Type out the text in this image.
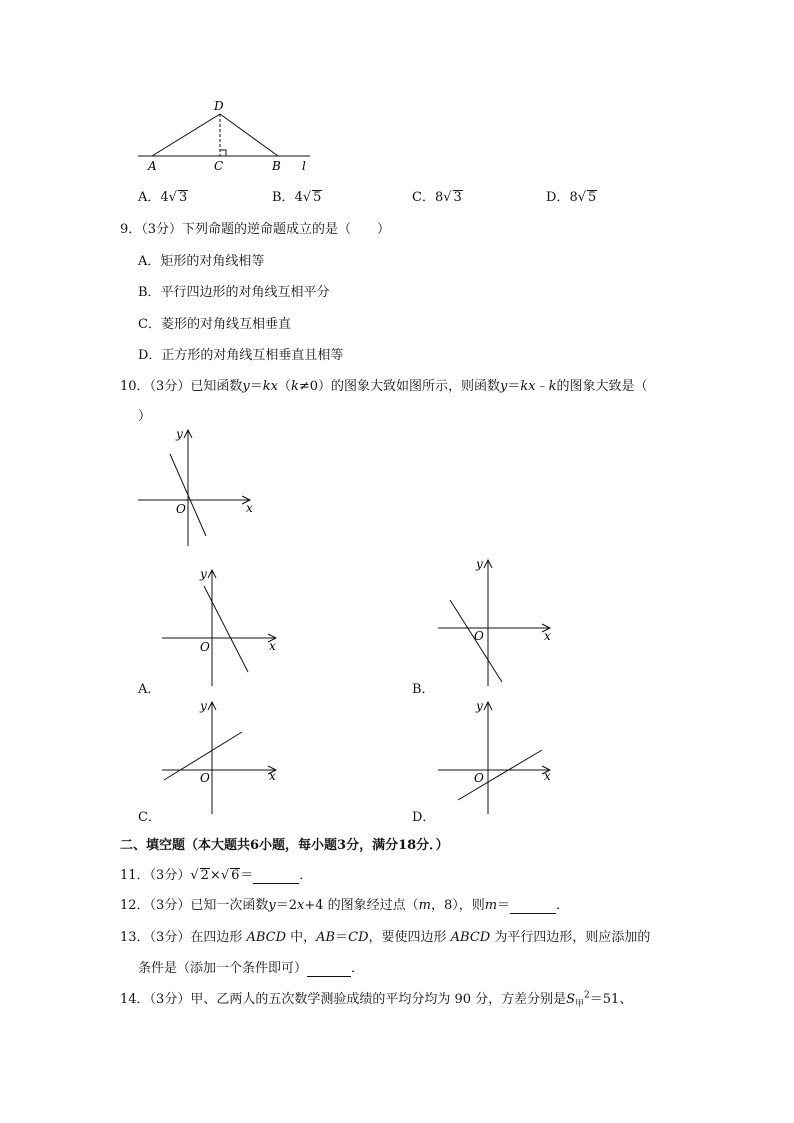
D
A	C	B l
A．4√ 3	B．4√ 5	C．8√ 3	D．8√ 5
9．（3分）下列命题的逆命题成立的是（　　）
A．矩形的对角线相等
B．平行四边形的对角线互相平分
C．菱形的对角线互相垂直
D．正方形的对角线互相垂直且相等
10．（3分）已知函数y＝kx（k≠0）的图象大致如图所示，则函数y＝kx﹣k的图象大致是（
）
y
x
O
y
x
O
A．
y
x
O
B．
y
x
O
C．
y
x
O
D．
二、填空题（本大题共6小题，每小题3分，满分18分．）
11．（3分）√ 2×√ 6＝	．
12．（3分）已知一次函数y＝2x+4 的图象经过点（m，8），则m＝	．
13．（3分）在四边形 ABCD 中，AB＝CD，要使四边形 ABCD 为平行四边形，则应添加的
条件是（添加一个条件即可）	．
14．（3分）甲、乙两人的五次数学测验成绩的平均分均为 90 分，方差分别是$S_甲^2=51$、
